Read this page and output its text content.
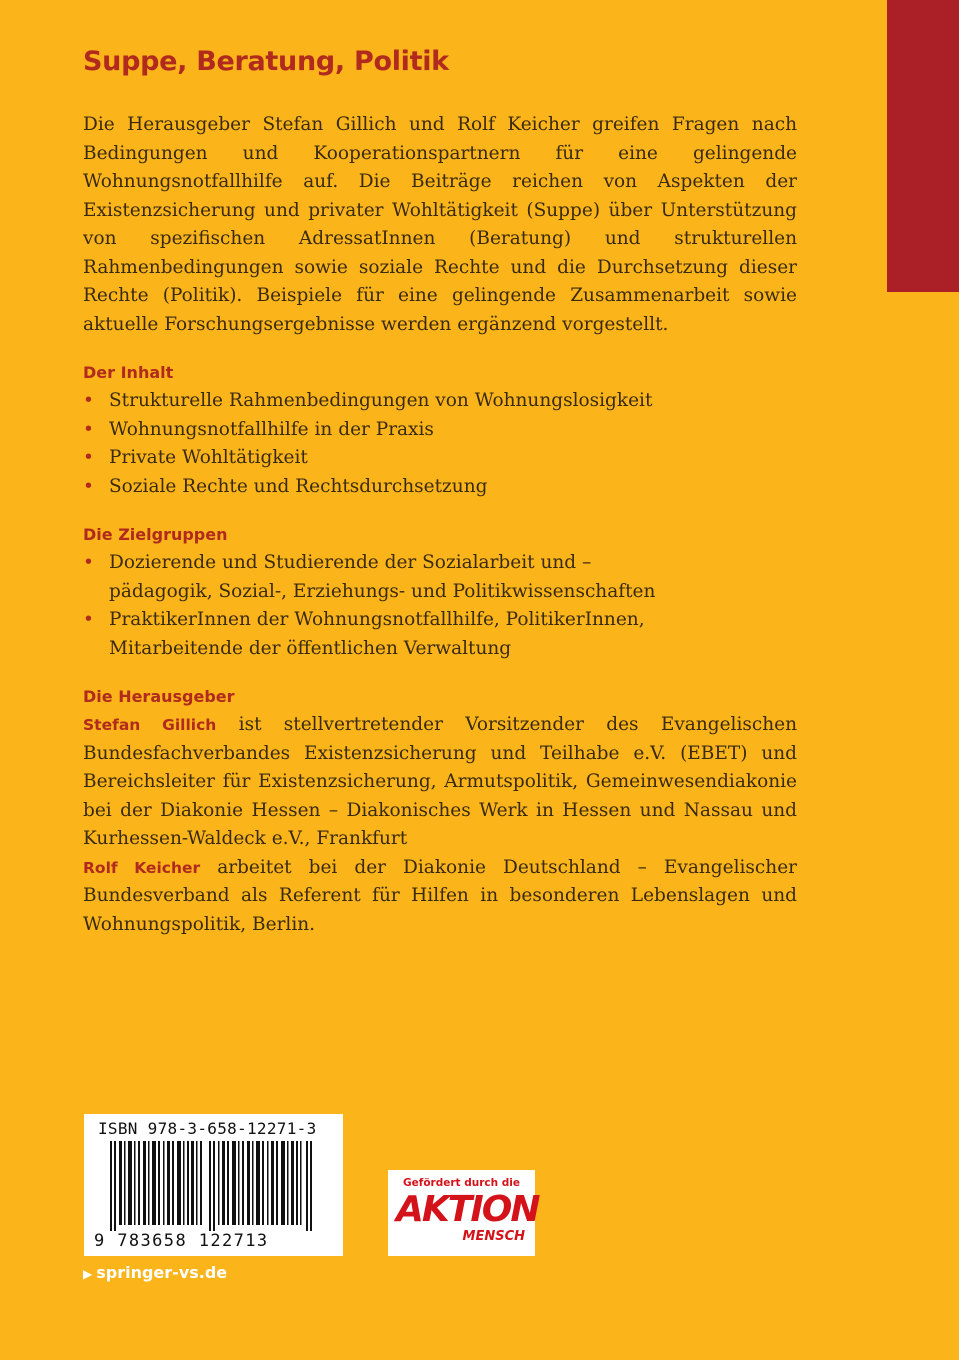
Suppe, Beratung, Politik

Die Herausgeber Stefan Gillich und Rolf Keicher greifen Fragen nach Bedingungen und Kooperationspartnern für eine gelingende Wohnungsnotfallhilfe auf. Die Beiträge reichen von Aspekten der Existenzsicherung und privater Wohltätigkeit (Suppe) über Unterstützung von spezifischen AdressatInnen (Beratung) und strukturellen Rahmenbedingungen sowie soziale Rechte und die Durchsetzung dieser Rechte (Politik). Beispiele für eine gelingende Zusammenarbeit sowie aktuelle Forschungsergebnisse werden ergänzend vorgestellt.

Der Inhalt
• Strukturelle Rahmenbedingungen von Wohnungslosigkeit
• Wohnungsnotfallhilfe in der Praxis
• Private Wohltätigkeit
• Soziale Rechte und Rechtsdurchsetzung
Die Zielgruppen
• Dozierende und Studierende der Sozialarbeit und –pädagogik, Sozial-, Erziehungs- und Politikwissenschaften
• PraktikerInnen der Wohnungsnotfallhilfe, PolitikerInnen, Mitarbeitende der öffentlichen Verwaltung
Die Herausgeber
Stefan Gillich ist stellvertretender Vorsitzender des Evangelischen Bundesfachverbandes Existenzsicherung und Teilhabe e.V. (EBET) und Bereichsleiter für Existenzsicherung, Armutspolitik, Gemeinwesendiakonie bei der Diakonie Hessen – Diakonisches Werk in Hessen und Nassau und Kurhessen-Waldeck e.V., Frankfurt
Rolf Keicher arbeitet bei der Diakonie Deutschland – Evangelischer Bundesverband als Referent für Hilfen in besonderen Lebenslagen und Wohnungspolitik, Berlin.
ISBN 978-3-658-12271-3
9 783658 122713
▶ springer-vs.de
Gefördert durch die
AKTION
MENSCH
